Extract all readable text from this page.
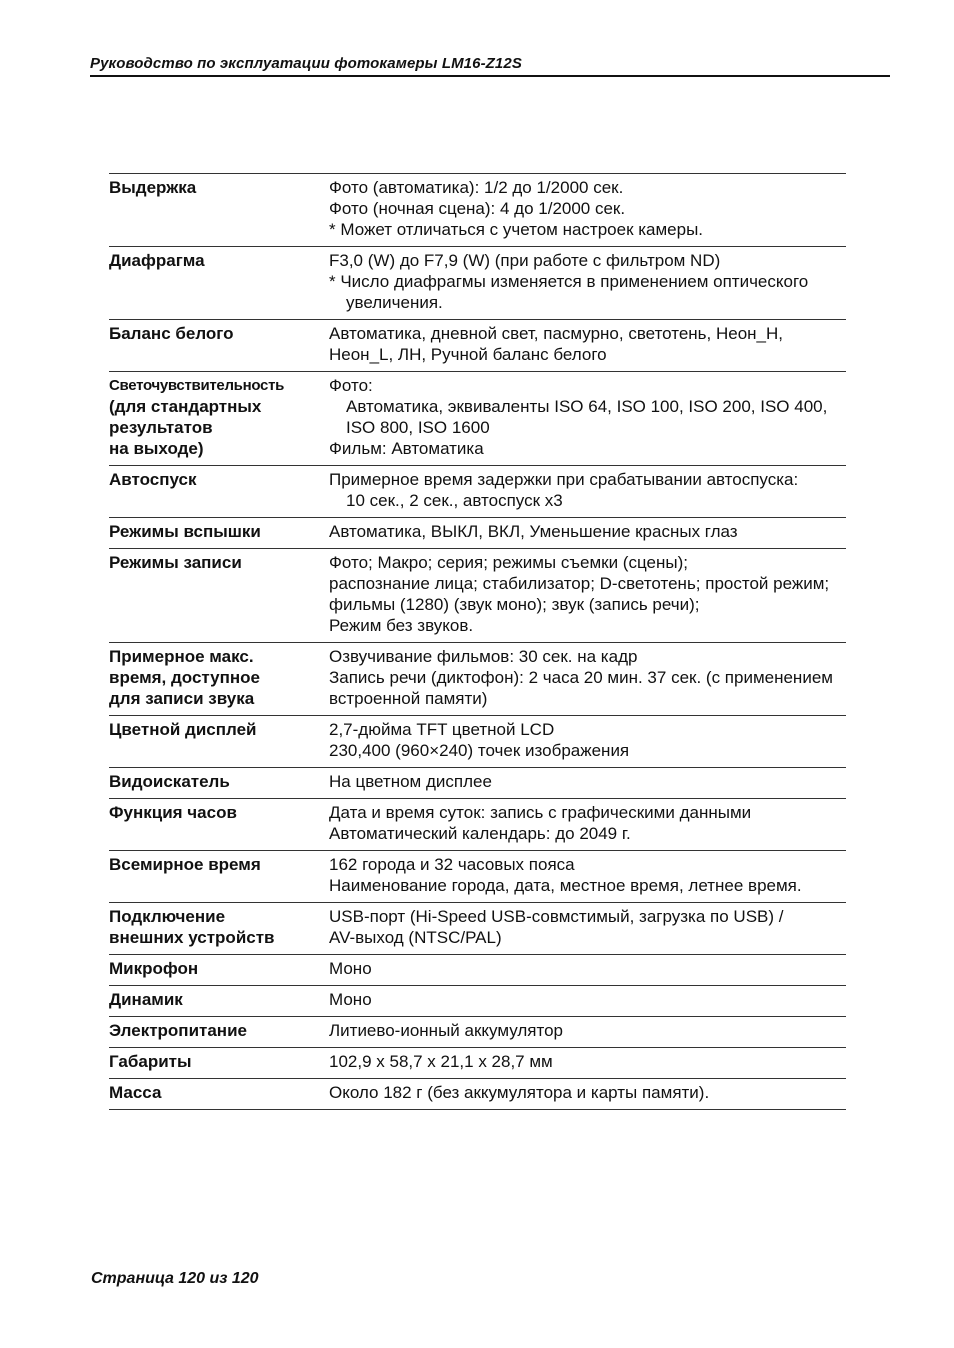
Руководство по эксплуатации фотокамеры LM16-Z12S
Выдержка	Фото (автоматика): 1/2 до 1/2000 сек.
Фото (ночная сцена): 4 до 1/2000 сек.
* Может отличаться с учетом настроек камеры.

Диафрагма	F3,0 (W) до F7,9 (W) (при работе с фильтром ND)
* Число диафрагмы изменяется в применением оптического
увеличения.

Баланс белого	Автоматика, дневной свет, пасмурно, светотень, Неон_Н,
Неон_L, ЛН, Ручной баланс белого

Светочувствительность
(для стандартных
результатов
на выходе)	Фото:
Автоматика, эквиваленты ISO 64, ISO 100, ISO 200, ISO 400,
ISO 800, ISO 1600
Фильм: Автоматика

Автоспуск	Примерное время задержки при срабатывании автоспуска:
10 сек., 2 сек., автоспуск x3

Режимы вспышки	Автоматика, ВЫКЛ, ВКЛ, Уменьшение красных глаз

Режимы записи	Фото; Макро; серия; режимы съемки (сцены);
распознание лица; стабилизатор; D-светотень; простой режим;
фильмы (1280) (звук моно); звук (запись речи);
Режим без звуков.

Примерное макс.
время, доступное
для записи звука	Озвучивание фильмов: 30 сек. на кадр
Запись речи (диктофон): 2 часа 20 мин. 37 сек. (с применением
встроенной памяти)

Цветной дисплей	2,7-дюйма TFT цветной LCD
230,400 (960×240) точек изображения

Видоискатель	На цветном дисплее

Функция часов	Дата и время суток: запись с графическими данными
Автоматический календарь: до 2049 г.

Всемирное время	162 города и 32 часовых пояса
Наименование города, дата, местное время, летнее время.

Подключение
внешних устройств	USB-порт (Hi-Speed USB-совмстимый, загрузка по USB) /
AV-выход (NTSC/PAL)

Микрофон	Моно

Динамик	Моно

Электропитание	Литиево-ионный аккумулятор

Габариты	102,9 x 58,7 x 21,1 x 28,7 мм

Масса	Около 182 г (без аккумулятора и карты памяти).
Страница 120 из 120
